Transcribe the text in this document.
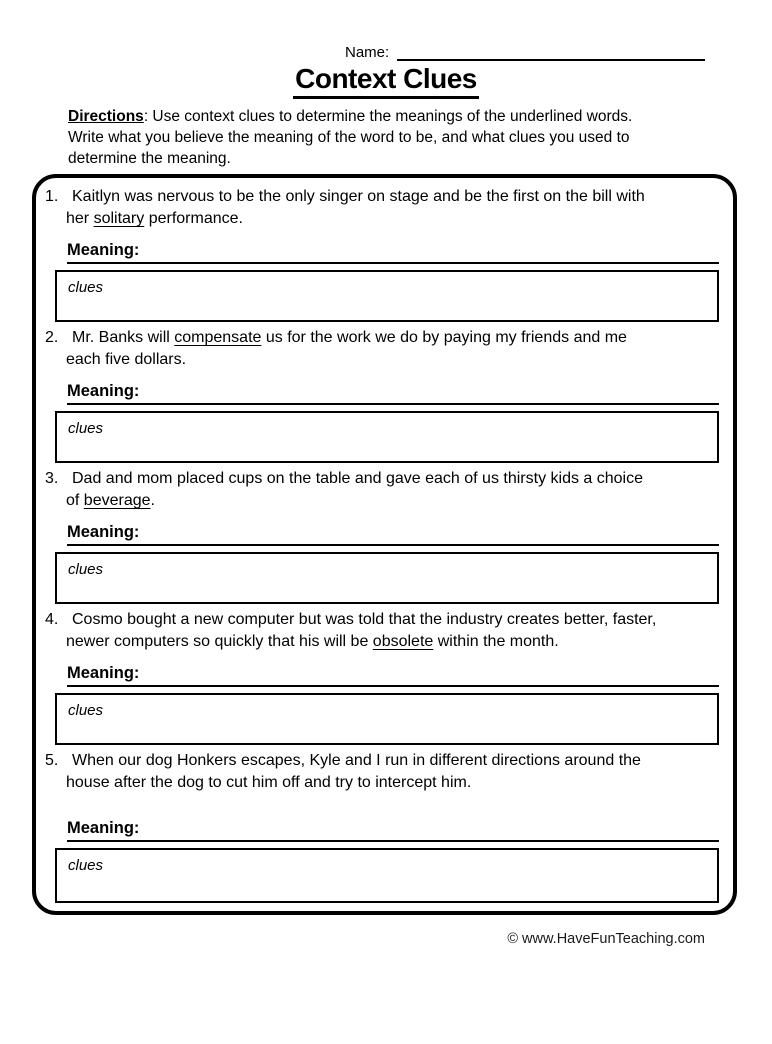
Name:
Context Clues
Directions: Use context clues to determine the meanings of the underlined words.
Write what you believe the meaning of the word to be, and what clues you used to
determine the meaning.
1. Kaitlyn was nervous to be the only singer on stage and be the first on the bill with
her solitary performance.
Meaning:
clues
2. Mr. Banks will compensate us for the work we do by paying my friends and me
each five dollars.
Meaning:
clues
3. Dad and mom placed cups on the table and gave each of us thirsty kids a choice
of beverage.
Meaning:
clues
4. Cosmo bought a new computer but was told that the industry creates better, faster,
newer computers so quickly that his will be obsolete within the month.
Meaning:
clues
5. When our dog Honkers escapes, Kyle and I run in different directions around the
house after the dog to cut him off and try to intercept him.
Meaning:
clues
© www.HaveFunTeaching.com
